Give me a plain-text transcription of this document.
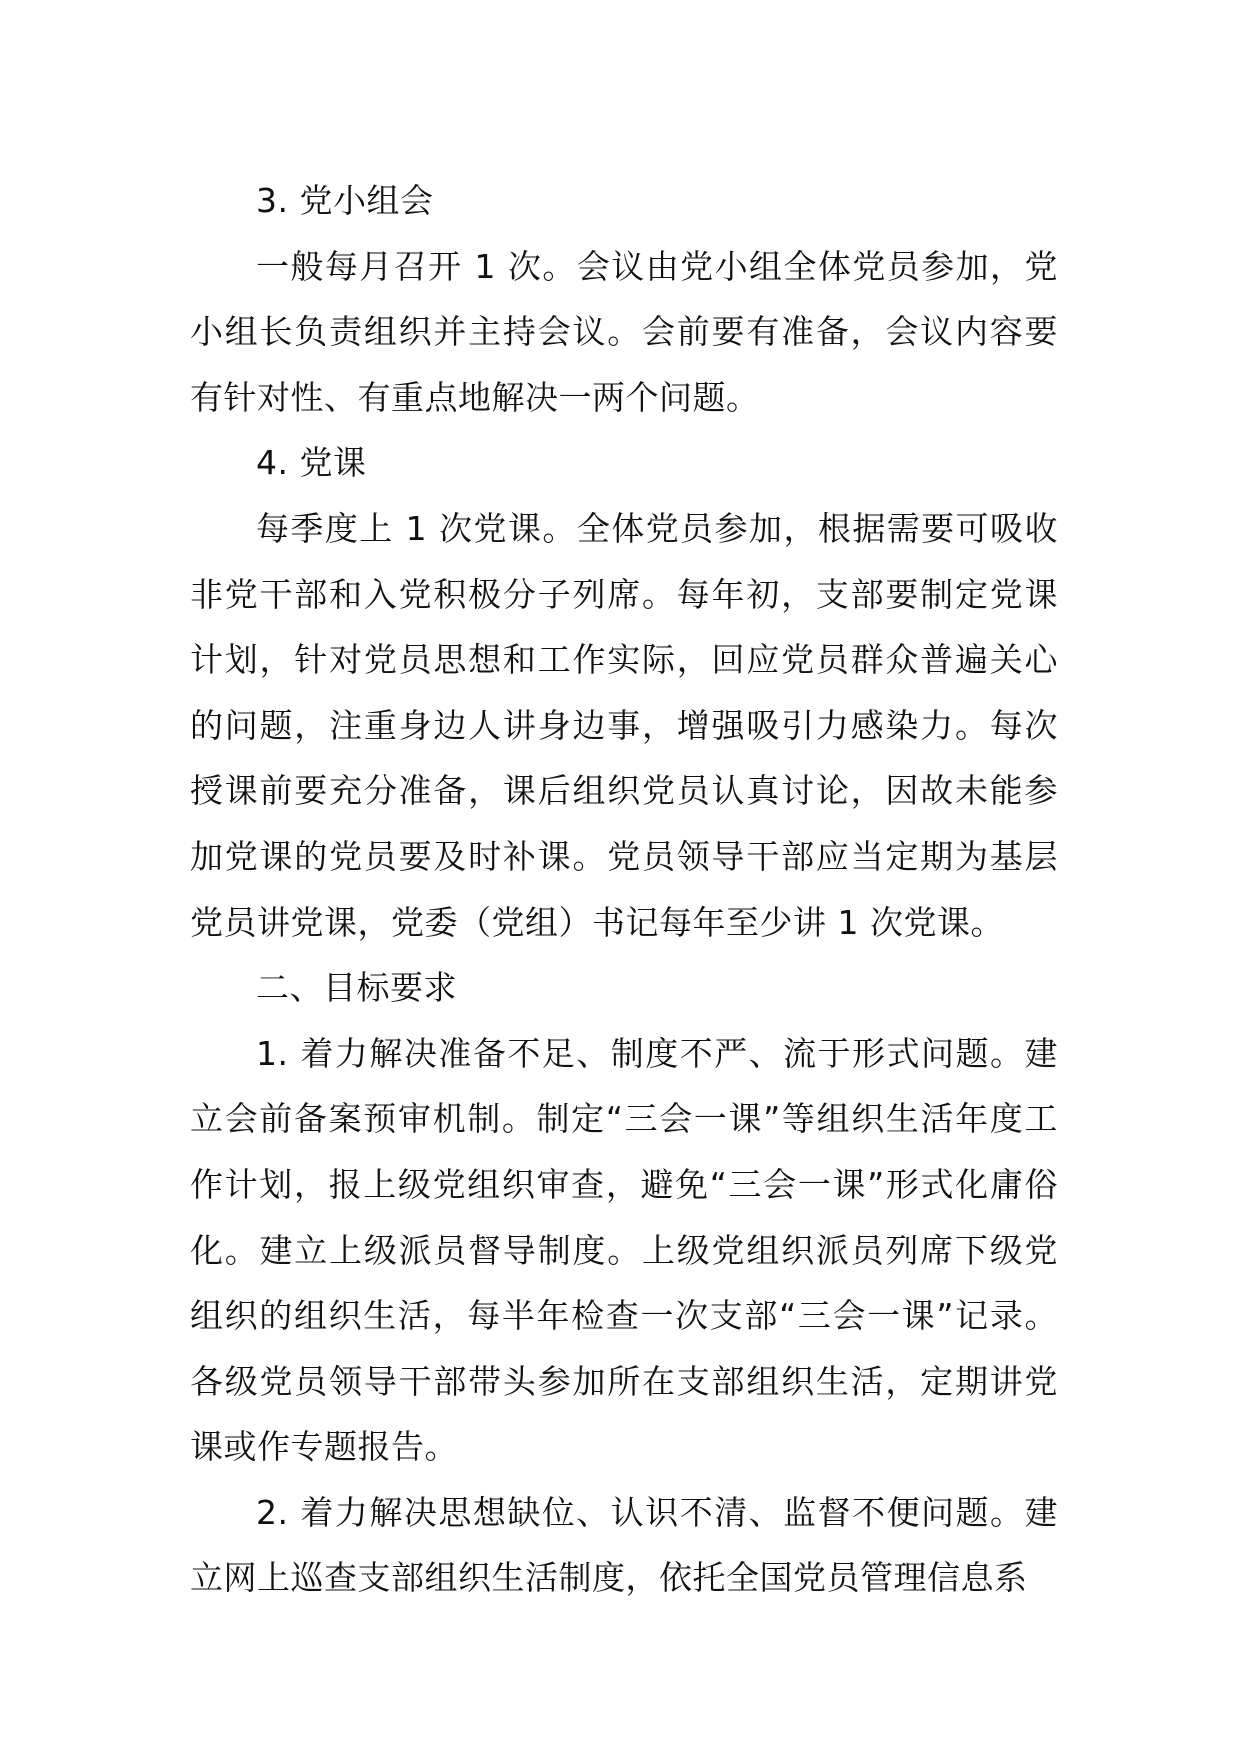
3. 党小组会

一般每月召开 1 次。会议由党小组全体党员参加，党小组长负责组织并主持会议。会前要有准备，会议内容要有针对性、有重点地解决一两个问题。

4. 党课

每季度上 1 次党课。全体党员参加，根据需要可吸收非党干部和入党积极分子列席。每年初，支部要制定党课计划，针对党员思想和工作实际，回应党员群众普遍关心的问题，注重身边人讲身边事，增强吸引力感染力。每次授课前要充分准备，课后组织党员认真讨论，因故未能参加党课的党员要及时补课。党员领导干部应当定期为基层党员讲党课，党委（党组）书记每年至少讲 1 次党课。

二、目标要求

1. 着力解决准备不足、制度不严、流于形式问题。建立会前备案预审机制。制定“三会一课”等组织生活年度工作计划，报上级党组织审查，避免“三会一课”形式化庸俗化。建立上级派员督导制度。上级党组织派员列席下级党组织的组织生活，每半年检查一次支部“三会一课”记录。各级党员领导干部带头参加所在支部组织生活，定期讲党课或作专题报告。

2. 着力解决思想缺位、认识不清、监督不便问题。建立网上巡查支部组织生活制度，依托全国党员管理信息系
